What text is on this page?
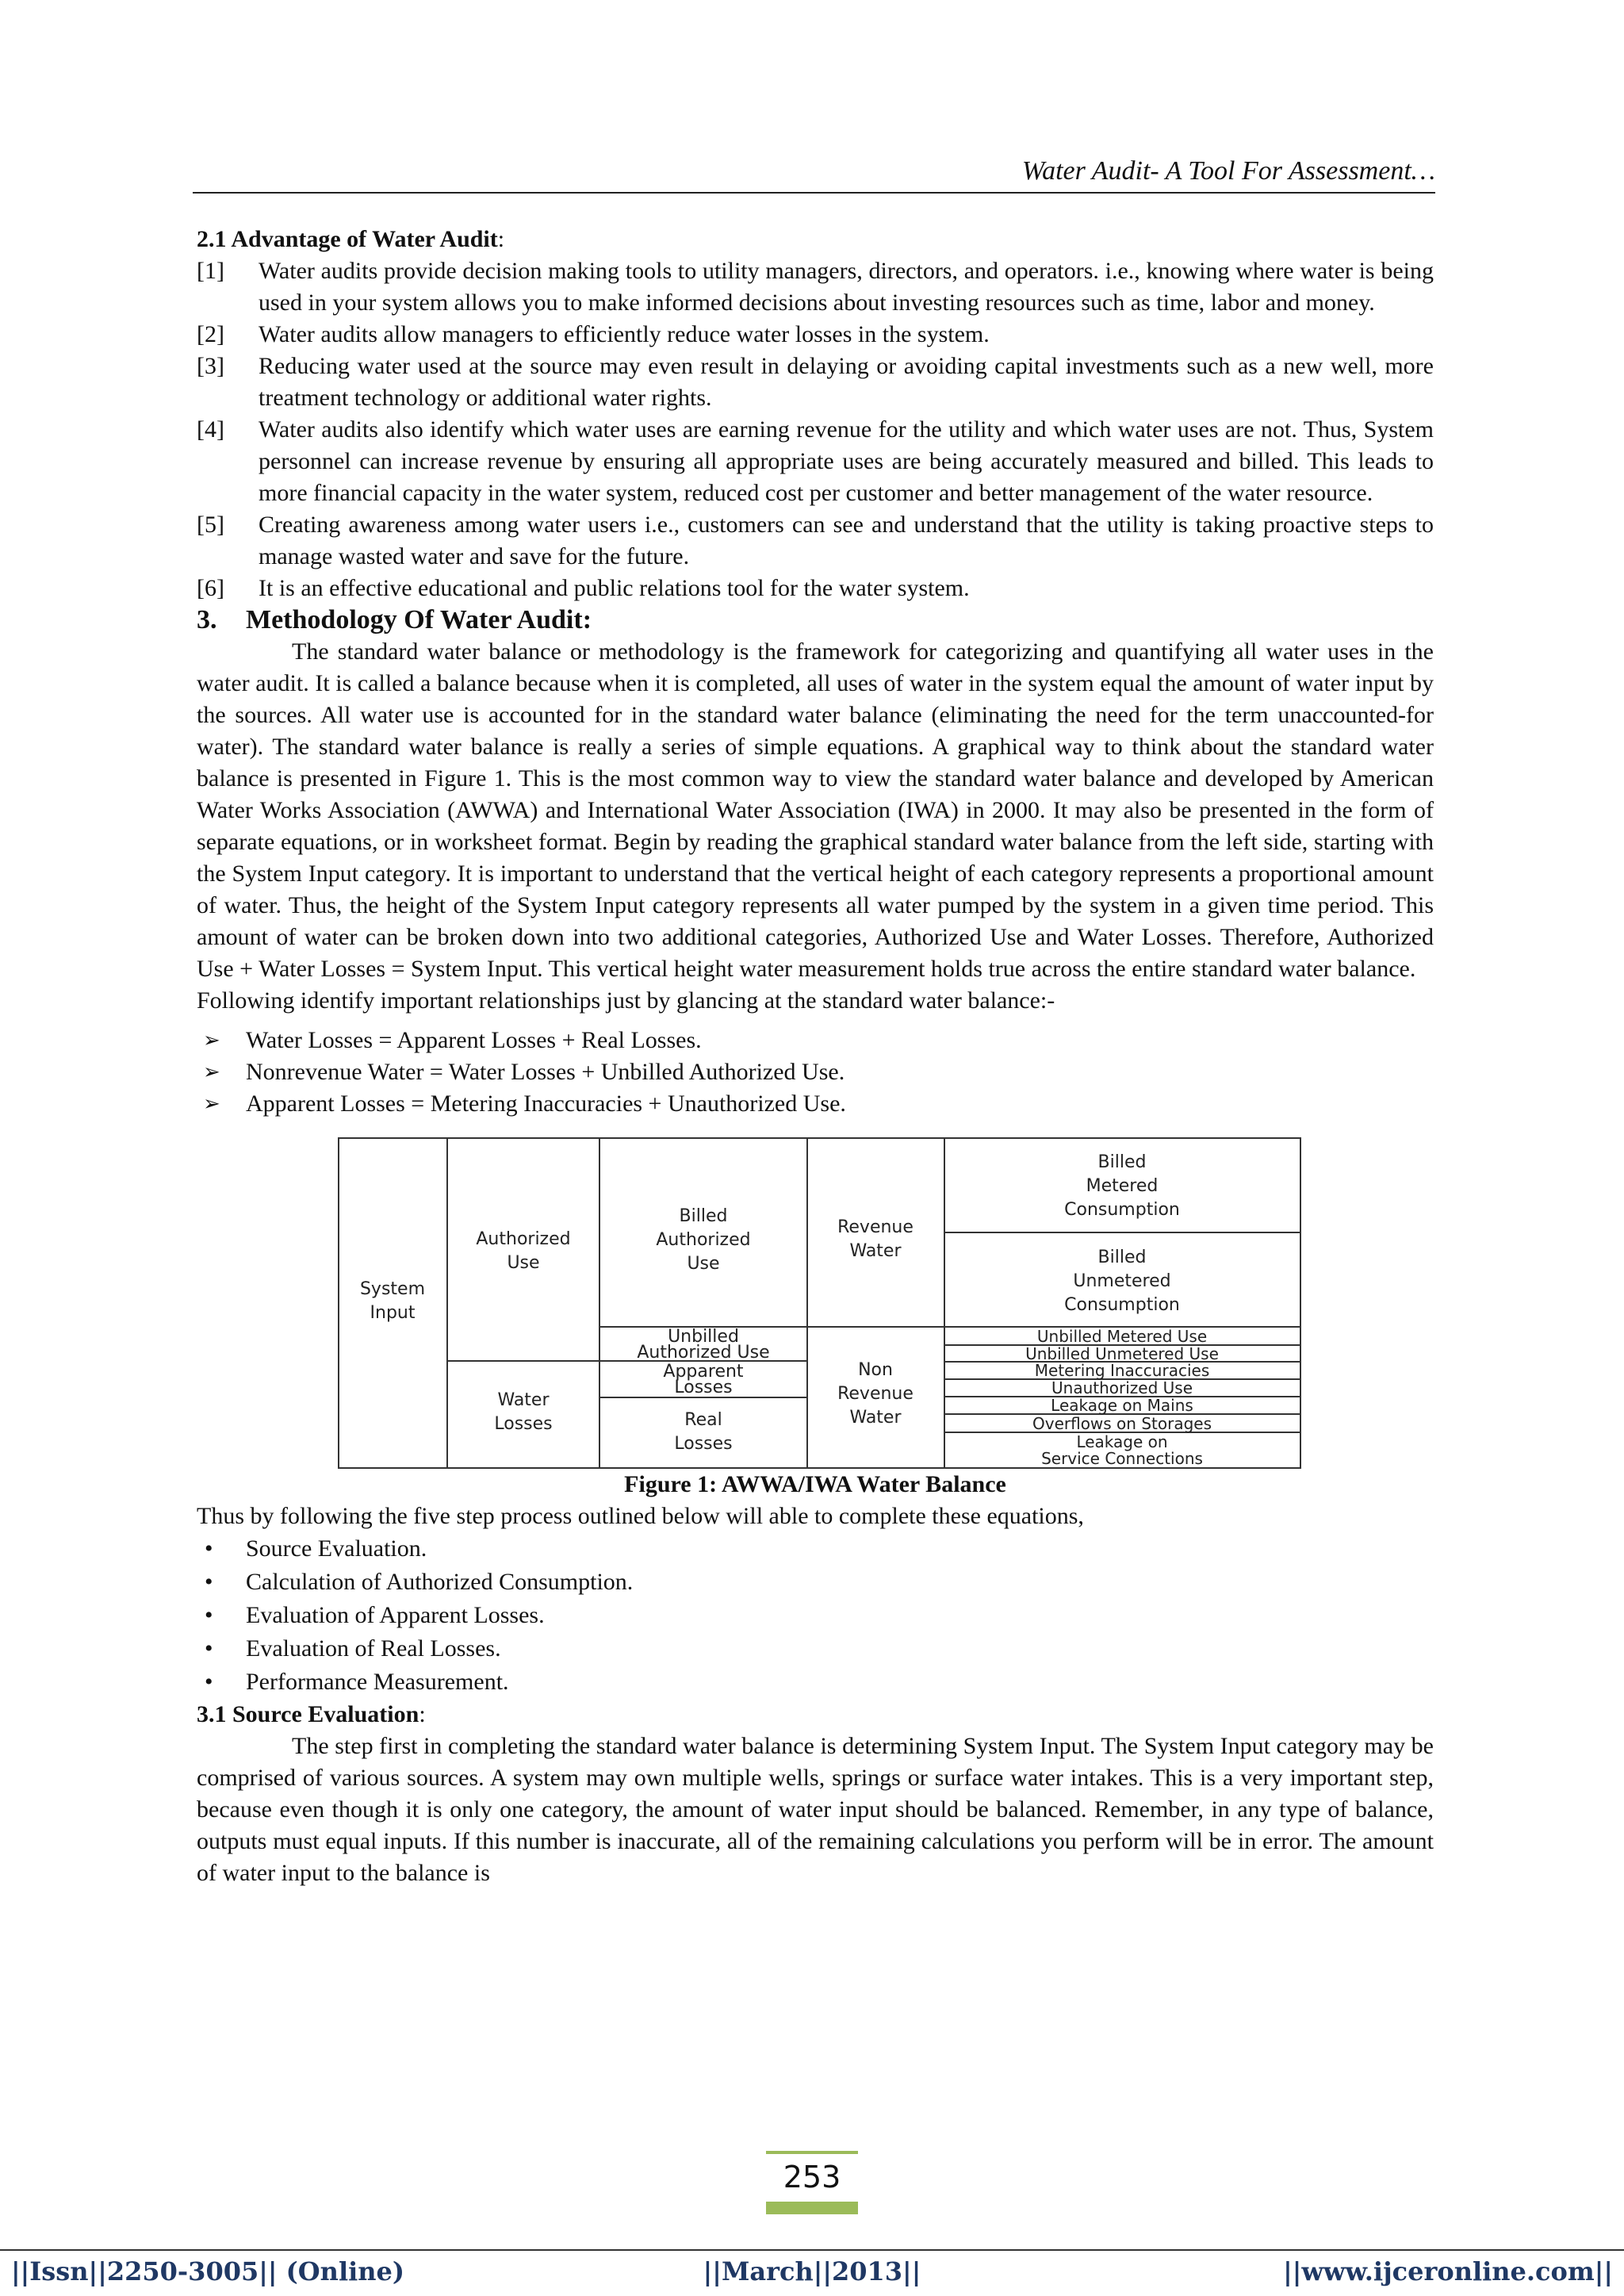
Water Audit- A Tool For Assessment…

2.1 Advantage of Water Audit:

[1] Water audits provide decision making tools to utility managers, directors, and operators. i.e., knowing where water is being used in your system allows you to make informed decisions about investing resources such as time, labor and money.
[2] Water audits allow managers to efficiently reduce water losses in the system.
[3] Reducing water used at the source may even result in delaying or avoiding capital investments such as a new well, more treatment technology or additional water rights.
[4] Water audits also identify which water uses are earning revenue for the utility and which water uses are not. Thus, System personnel can increase revenue by ensuring all appropriate uses are being accurately measured and billed. This leads to more financial capacity in the water system, reduced cost per customer and better management of the water resource.
[5] Creating awareness among water users i.e., customers can see and understand that the utility is taking proactive steps to manage wasted water and save for the future.
[6] It is an effective educational and public relations tool for the water system.

3. Methodology Of Water Audit:

The standard water balance or methodology is the framework for categorizing and quantifying all water uses in the water audit. It is called a balance because when it is completed, all uses of water in the system equal the amount of water input by the sources. All water use is accounted for in the standard water balance (eliminating the need for the term unaccounted-for water). The standard water balance is really a series of simple equations. A graphical way to think about the standard water balance is presented in Figure 1. This is the most common way to view the standard water balance and developed by American Water Works Association (AWWA) and International Water Association (IWA) in 2000. It may also be presented in the form of separate equations, or in worksheet format. Begin by reading the graphical standard water balance from the left side, starting with the System Input category. It is important to understand that the vertical height of each category represents a proportional amount of water. Thus, the height of the System Input category represents all water pumped by the system in a given time period. This amount of water can be broken down into two additional categories, Authorized Use and Water Losses. Therefore, Authorized Use + Water Losses = System Input. This vertical height water measurement holds true across the entire standard water balance.

Following identify important relationships just by glancing at the standard water balance:-

➢ Water Losses = Apparent Losses + Real Losses.
➢ Nonrevenue Water = Water Losses + Unbilled Authorized Use.
➢ Apparent Losses = Metering Inaccuracies + Unauthorized Use.
System
Input
Authorized
Use
Water
Losses
Billed
Authorized
Use
Unbilled
Authorized Use
Apparent
Losses
Real
Losses
Revenue
Water
Non
Revenue
Water
Billed
Metered
Consumption
Billed
Unmetered
Consumption
Unbilled Metered Use
Unbilled Unmetered Use
Metering Inaccuracies
Unauthorized Use
Leakage on Mains
Overflows on Storages
Leakage on
Service Connections

Figure 1: AWWA/IWA Water Balance

Thus by following the five step process outlined below will able to complete these equations,

• Source Evaluation.
• Calculation of Authorized Consumption.
• Evaluation of Apparent Losses.
• Evaluation of Real Losses.
• Performance Measurement.

3.1 Source Evaluation:

The step first in completing the standard water balance is determining System Input. The System Input category may be comprised of various sources. A system may own multiple wells, springs or surface water intakes. This is a very important step, because even though it is only one category, the amount of water input should be balanced. Remember, in any type of balance, outputs must equal inputs. If this number is inaccurate, all of the remaining calculations you perform will be in error. The amount of water input to the balance is

253
||Issn||2250-3005|| (Online)	||March||2013||	||www.ijceronline.com||
